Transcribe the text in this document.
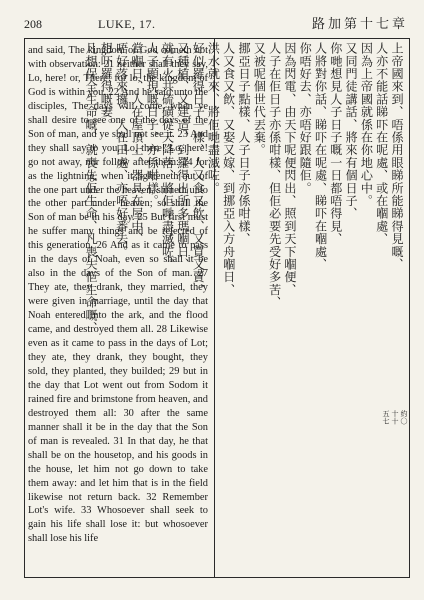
208	LUKE, 17.	路加第十七章

and said, The kingdom of God cometh not with observation: 21 neither shall they say, Lo, here! or, There! for lo, the kingdom of God is within you. 22 And he said unto the disciples, The days will come, when ye shall desire to see one of the days of the Son of man, and ye shall not see it. 23 And they shall say to you, Lo, there! Lo, here! go not away, nor follow after them: 24 for as the lightning, when it lighteneth out of the one part under the heaven, shineth unto the other part under heaven; so shall the Son of man be in his day. 25 But first must he suffer many things and be rejected of this generation. 26 And as it came to pass in the days of Noah, even so shall it be also in the days of the Son of man. 27 They ate, they drank, they married, they were given in marriage, until the day that Noah entered into the ark, and the flood came, and destroyed them all. 28 Likewise even as it came to pass in the days of Lot; they ate, they drank, they bought, they sold, they planted, they builded; 29 but in the day that Lot went out from Sodom it rained fire and brimstone from heaven, and destroyed them all: 30 after the same manner shall it be in the day that the Son of man is revealed. 31 In that day, he that shall be on the housetop, and his goods in the house, let him not go down to take them away: and let him that is in the field likewise not return back. 32 Remember Lot's wife. 33 Whosoever shall seek to gain his life shall lose it: but whosoever shall lose his life

上帝國來到、唔係用眼睇所能睇得見嘅、
人亦不能話睇吓在呢處、或在嗰處、
因為上帝國就係在你地心中。
又同門徒講話、將來有個日子、
你哋想見人子日子嘅一日都唔得見、
人將對你話、睇吓在呢處、睇吓在嗰處、
你唔好去、亦唔好跟隨佢。
因為閃電、由天下呢便閃出、照到天下嗰便、
人子在佢日子亦係咁樣、但佢必要先受好多苦、
又被呢個世代丟棄。
挪亞日子點樣、人子日子亦係咁樣、
人又食又飲、又娶又嫁、到挪亞入方舟嗰日、
洪水就來、將佢哋盡滅咗。
好似羅得日子一樣、人又食又飲、又買又賣、
又種植、又建造、到羅得出所多瑪嗰日、
就有火共硫磺從天降落、將佢哋盡滅咗。
人子顯現嘅日子、亦係咁樣。
當嗰日、人在屋頂上、器具在屋中、
唔好落來攞、人在田處、亦唔好番去。
想吓羅得嘅妻。
凡想保全生命嘅、就喪失佢生命、凡喪失佢生命嘅、
約〇
十十
五七
